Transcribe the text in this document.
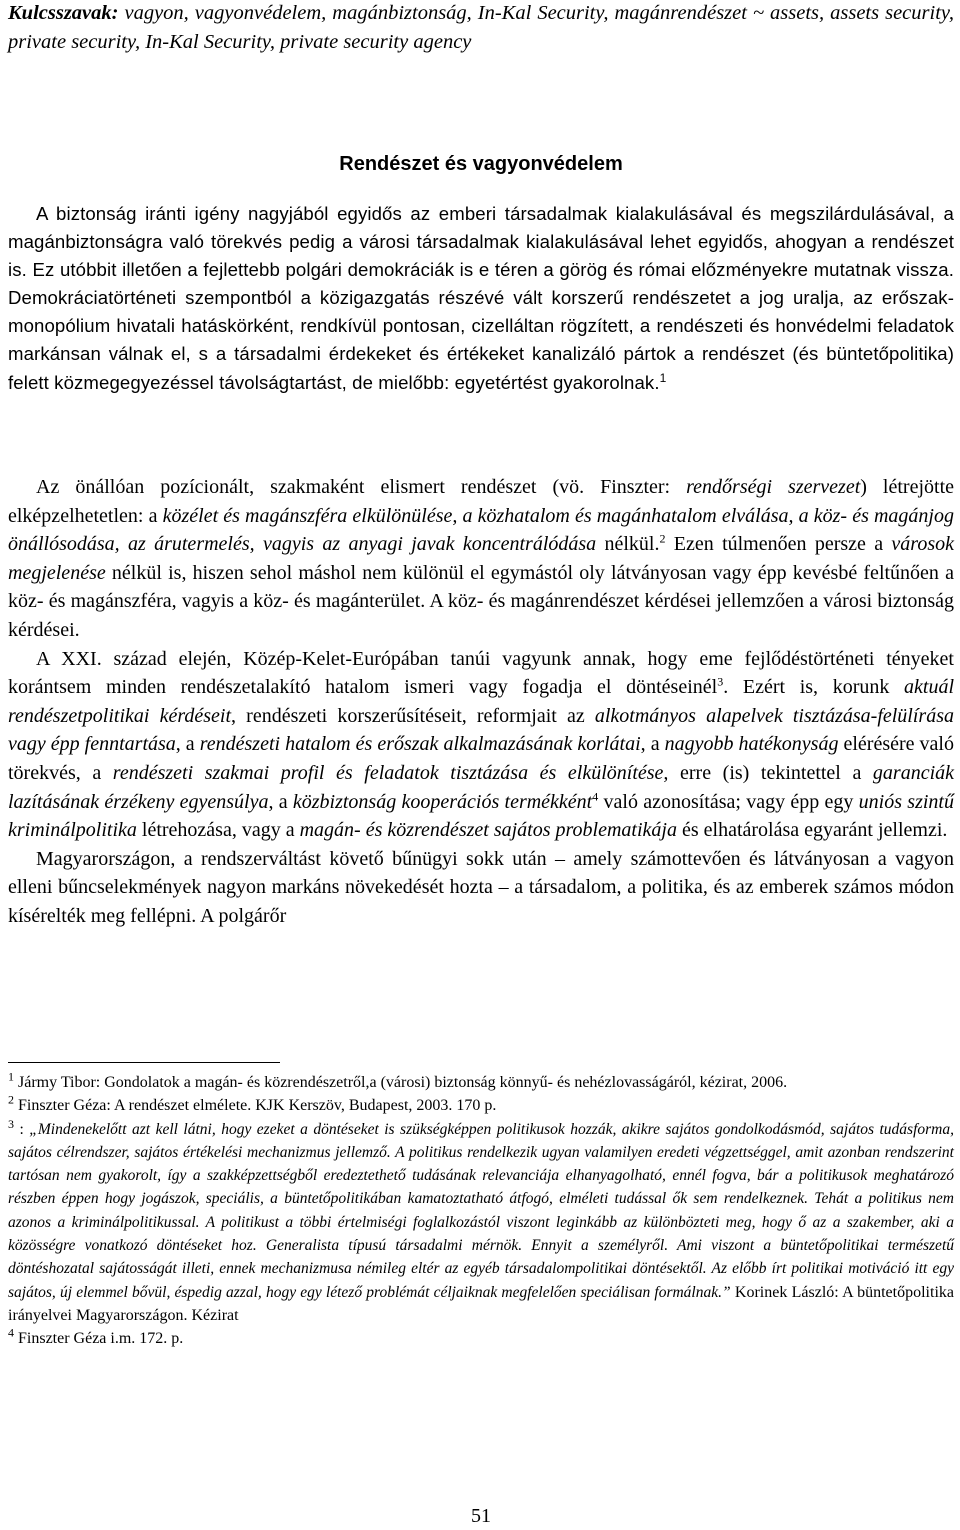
Kulcsszavak: vagyon, vagyonvédelem, magánbiztonság, In-Kal Security, magánrendészet ~ assets, assets security, private security, In-Kal Security, private security agency

Rendészet és vagyonvédelem

A biztonság iránti igény nagyjából egyidős az emberi társadalmak kialakulásával és megszilárdulásával, a magánbiztonságra való törekvés pedig a városi társadalmak kialakulásával lehet egyidős, ahogyan a rendészet is. Ez utóbbit illetően a fejlettebb polgári demokráciák is e téren a görög és római előzményekre mutatnak vissza. Demokráciatörténeti szempontból a közigazgatás részévé vált korszerű rendészetet a jog uralja, az erőszak-monopólium hivatali hatáskörként, rendkívül pontosan, cizelláltan rögzített, a rendészeti és honvédelmi feladatok markánsan válnak el, s a társadalmi érdekeket és értékeket kanalizáló pártok a rendészet (és büntetőpolitika) felett közmegegyezéssel távolságtartást, de mielőbb: egyetértést gyakorolnak.$^1$

Az önállóan pozícionált, szakmaként elismert rendészet (vö. Finszter: rendőrségi szervezet) létrejötte elképzelhetetlen: a közélet és magánszféra elkülönülése, a közhatalom és magánhatalom elválása, a köz- és magánjog önállósodása, az árutermelés, vagyis az anyagi javak koncentrálódása nélkül.$^2$ Ezen túlmenően persze a városok megjelenése nélkül is, hiszen sehol máshol nem különül el egymástól oly látványosan vagy épp kevésbé feltűnően a köz- és magánszféra, vagyis a köz- és magánterület. A köz- és magánrendészet kérdései jellemzően a városi biztonság kérdései.

A XXI. század elején, Közép-Kelet-Európában tanúi vagyunk annak, hogy eme fejlődéstörténeti tényeket korántsem minden rendészetalakító hatalom ismeri vagy fogadja el döntéseinél$^3$. Ezért is, korunk aktuál rendészetpolitikai kérdéseit, rendészeti korszerűsítéseit, reformjait az alkotmányos alapelvek tisztázása-felülírása vagy épp fenntartása, a rendészeti hatalom és erőszak alkalmazásának korlátai, a nagyobb hatékonyság elérésére való törekvés, a rendészeti szakmai profil és feladatok tisztázása és elkülönítése, erre (is) tekintettel a garanciák lazításának érzékeny egyensúlya, a közbiztonság kooperációs termékként$^4$ való azonosítása; vagy épp egy uniós szintű kriminálpolitika létrehozása, vagy a magán- és közrendészet sajátos problematikája és elhatárolása egyaránt jellemzi.

Magyarországon, a rendszerváltást követő bűnügyi sokk után – amely számottevően és látványosan a vagyon elleni bűncselekmények nagyon markáns növekedését hozta – a társadalom, a politika, és az emberek számos módon kísérelték meg fellépni. A polgárőr

$^1$ Jármy Tibor: Gondolatok a magán- és közrendészetről,a (városi) biztonság könnyű- és nehézlovasságáról, kézirat, 2006.

$^2$ Finszter Géza: A rendészet elmélete. KJK Kerszöv, Budapest, 2003. 170 p.

$^3$ : „Mindenekelőtt azt kell látni, hogy ezeket a döntéseket is szükségképpen politikusok hozzák, akikre sajátos gondolkodásmód, sajátos tudásforma, sajátos célrendszer, sajátos értékelési mechanizmus jellemző. A politikus rendelkezik ugyan valamilyen eredeti végzettséggel, amit azonban rendszerint tartósan nem gyakorolt, így a szakképzettségből eredeztethető tudásának relevanciája elhanyagolható, ennél fogva, bár a politikusok meghatározó részben éppen hogy jogászok, speciális, a büntetőpolitikában kamatoztatható átfogó, elméleti tudással ők sem rendelkeznek. Tehát a politikus nem azonos a kriminálpolitikussal. A politikust a többi értelmiségi foglalkozástól viszont leginkább az különbözteti meg, hogy ő az a szakember, aki a közösségre vonatkozó döntéseket hoz. Generalista típusú társadalmi mérnök. Ennyit a személyről. Ami viszont a büntetőpolitikai természetű döntéshozatal sajátosságát illeti, ennek mechanizmusa némileg eltér az egyéb társadalompolitikai döntésektől. Az előbb írt politikai motiváció itt egy sajátos, új elemmel bővül, éspedig azzal, hogy egy létező problémát céljaiknak megfelelően speciálisan formálnak.” Korinek László: A büntetőpolitika irányelvei Magyarországon. Kézirat

$^4$ Finszter Géza i.m. 172. p.

51
